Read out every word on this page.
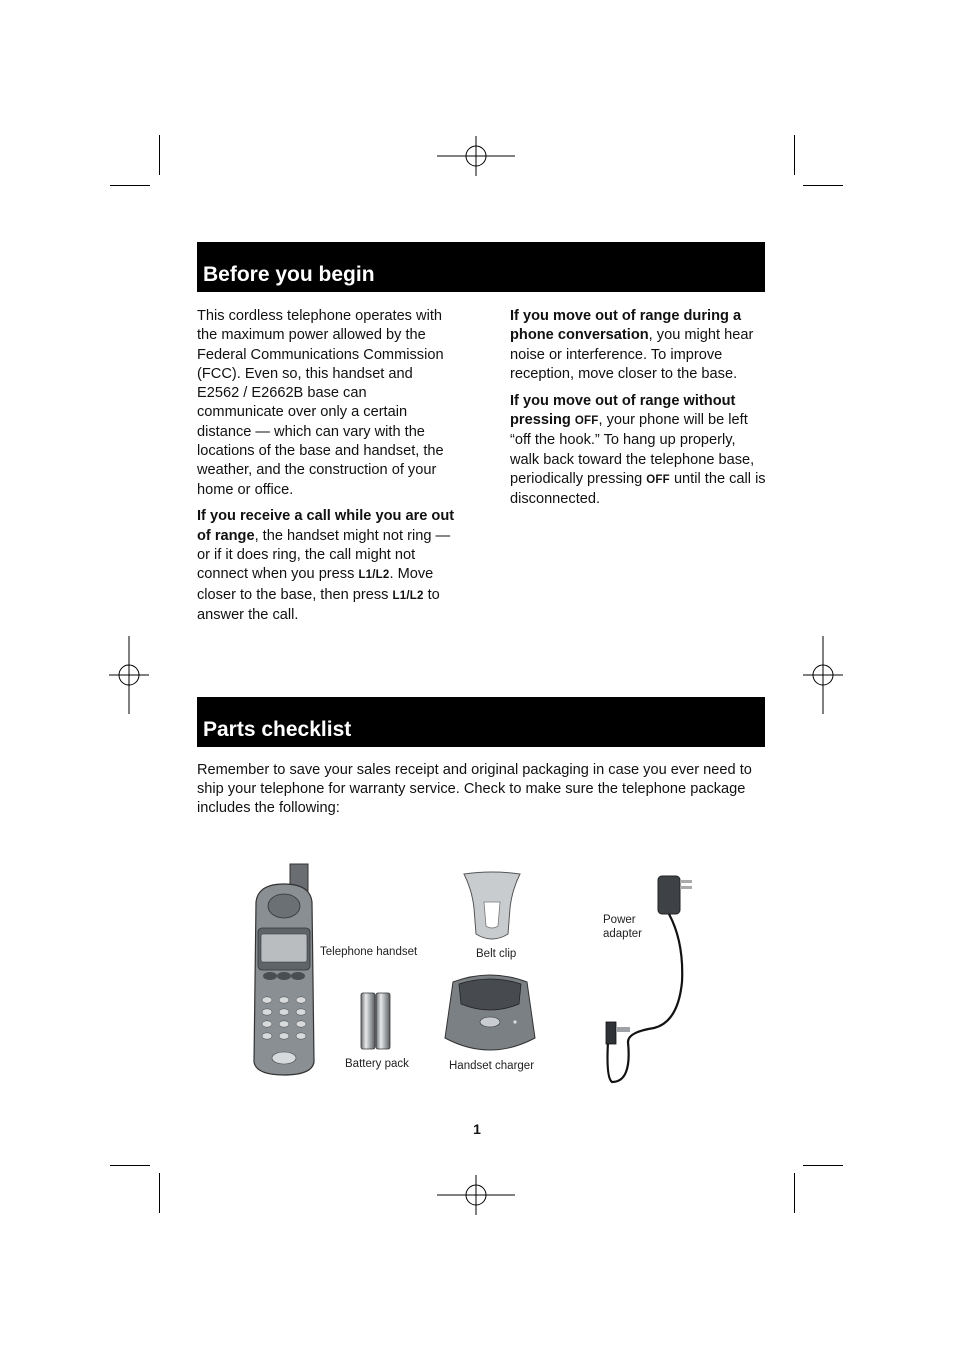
Before you begin

This cordless telephone operates with the maximum power allowed by the Federal Communications Commission (FCC). Even so, this handset and E2562 / E2662B base can communicate over only a certain distance — which can vary with the locations of the base and handset, the weather, and the construction of your home or office.

If you receive a call while you are out of range, the handset might not ring — or if it does ring, the call might not connect when you press L1/L2. Move closer to the base, then press L1/L2 to answer the call.

If you move out of range during a phone conversation, you might hear noise or interference. To improve reception, move closer to the base.

If you move out of range without pressing OFF, your phone will be left “off the hook.” To hang up properly, walk back toward the telephone base, periodically pressing OFF until the call is disconnected.

Parts checklist
Remember to save your sales receipt and original packaging in case you ever need to ship your telephone for warranty service. Check to make sure the telephone package includes the following:
Telephone handset
Battery pack
Belt clip
Handset charger
Power adapter
1
